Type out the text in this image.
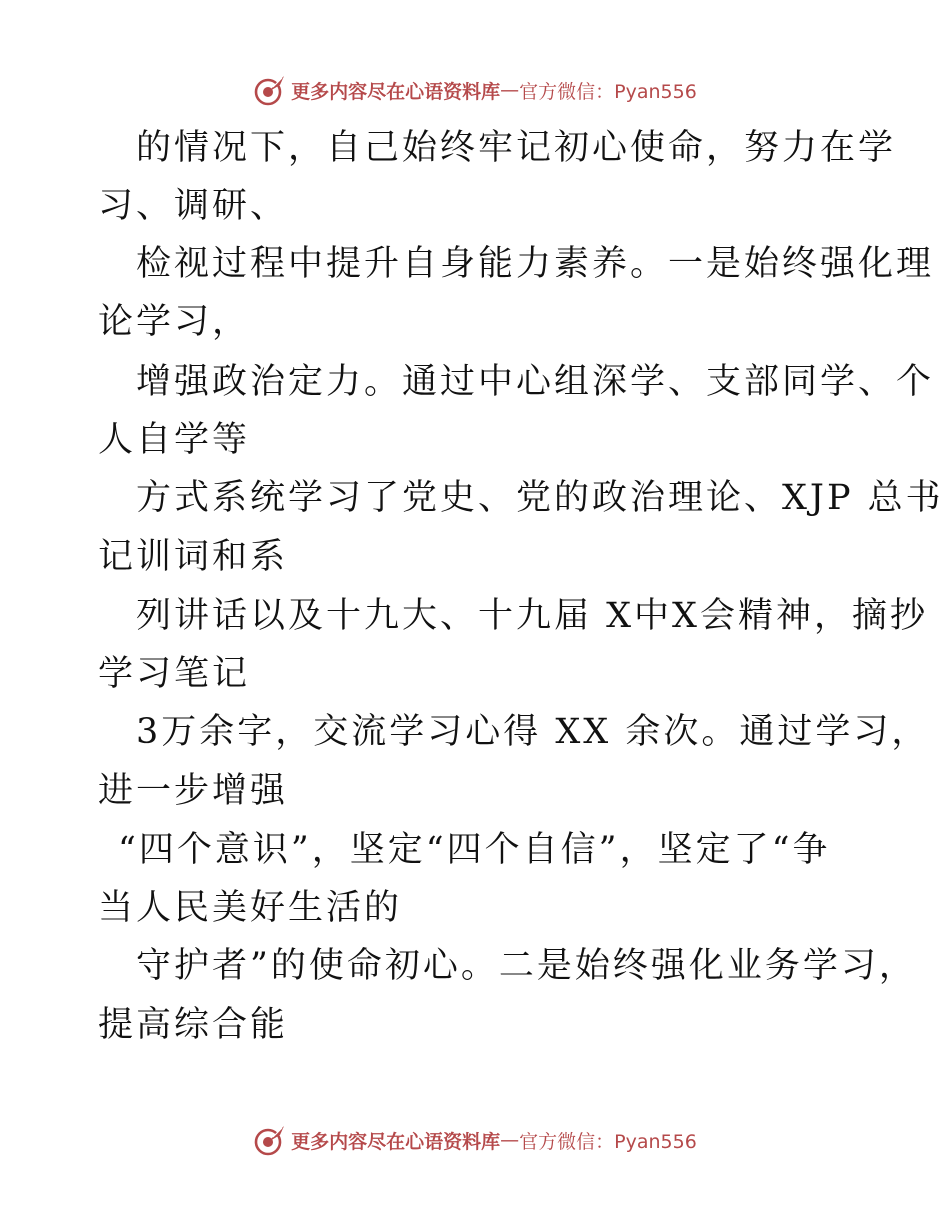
更多内容尽在心语资料库 — 官方微信：Pyan556
的情况下，自己始终牢记初心使命，努力在学
习、调研、
检视过程中提升自身能力素养。一是始终强化理
论学习，
增强政治定力。通过中心组深学、支部同学、个
人自学等
方式系统学习了党史、党的政治理论、XJP 总书
记训词和系
列讲话以及十九大、十九届 X中X会精神，摘抄
学习笔记
3万余字，交流学习心得 XX 余次。通过学习，
进一步增强
“四个意识”，坚定“四个自信”，坚定了“争
当人民美好生活的
守护者”的使命初心。二是始终强化业务学习，
提高综合能
更多内容尽在心语资料库 — 官方微信：Pyan556
